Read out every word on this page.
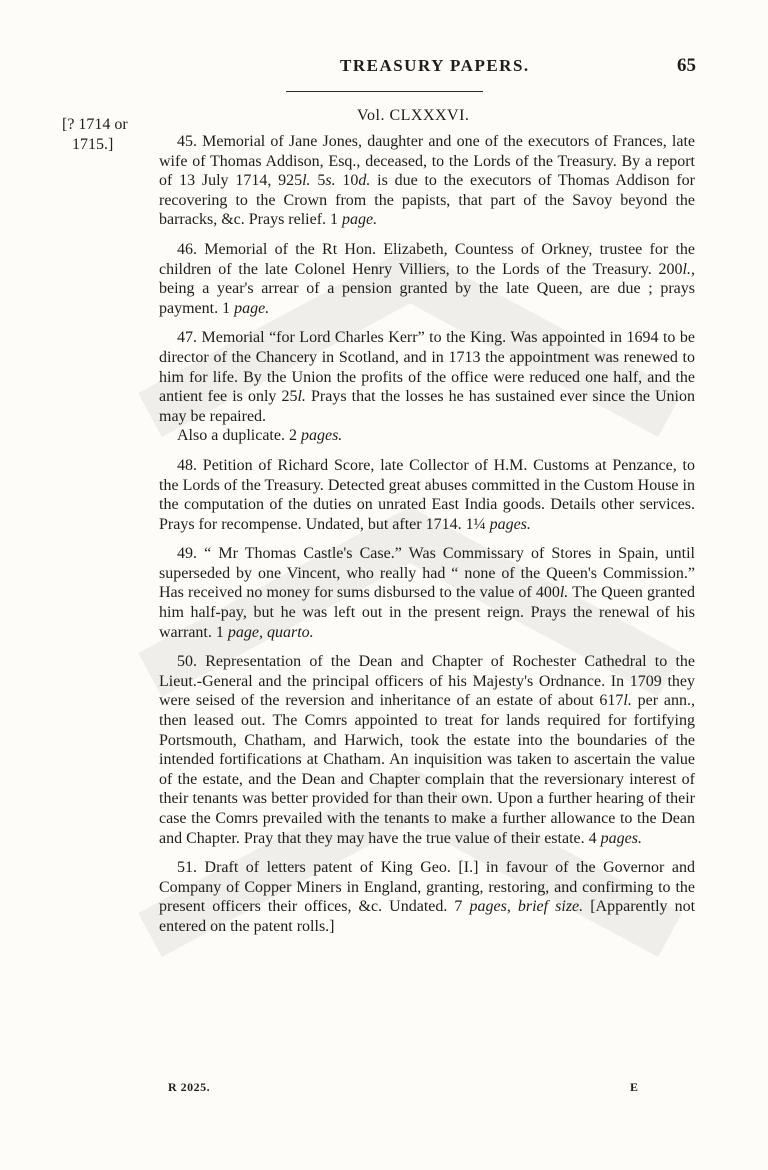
TREASURY PAPERS.	65
[? 1714 or
1715.]
Vol. CLXXXVI.

45. Memorial of Jane Jones, daughter and one of the executors of Frances, late wife of Thomas Addison, Esq., deceased, to the Lords of the Treasury. By a report of 13 July 1714, 925l. 5s. 10d. is due to the executors of Thomas Addison for recovering to the Crown from the papists, that part of the Savoy beyond the barracks, &c. Prays relief. 1 page.

46. Memorial of the Rt Hon. Elizabeth, Countess of Orkney, trustee for the children of the late Colonel Henry Villiers, to the Lords of the Treasury. 200l., being a year's arrear of a pension granted by the late Queen, are due ; prays payment. 1 page.

47. Memorial “for Lord Charles Kerr” to the King. Was appointed in 1694 to be director of the Chancery in Scotland, and in 1713 the appointment was renewed to him for life. By the Union the profits of the office were reduced one half, and the antient fee is only 25l. Prays that the losses he has sustained ever since the Union may be repaired.

Also a duplicate. 2 pages.

48. Petition of Richard Score, late Collector of H.M. Customs at Penzance, to the Lords of the Treasury. Detected great abuses committed in the Custom House in the computation of the duties on unrated East India goods. Details other services. Prays for recompense. Undated, but after 1714. 1¼ pages.

49. “ Mr Thomas Castle's Case.” Was Commissary of Stores in Spain, until superseded by one Vincent, who really had “ none of the Queen's Commission.” Has received no money for sums disbursed to the value of 400l. The Queen granted him half-pay, but he was left out in the present reign. Prays the renewal of his warrant. 1 page, quarto.

50. Representation of the Dean and Chapter of Rochester Cathedral to the Lieut.-General and the principal officers of his Majesty's Ordnance. In 1709 they were seised of the reversion and inheritance of an estate of about 617l. per ann., then leased out. The Comrs appointed to treat for lands required for fortifying Portsmouth, Chatham, and Harwich, took the estate into the boundaries of the intended fortifications at Chatham. An inquisition was taken to ascertain the value of the estate, and the Dean and Chapter complain that the reversionary interest of their tenants was better provided for than their own. Upon a further hearing of their case the Comrs prevailed with the tenants to make a further allowance to the Dean and Chapter. Pray that they may have the true value of their estate. 4 pages.

51. Draft of letters patent of King Geo. [I.] in favour of the Governor and Company of Copper Miners in England, granting, restoring, and confirming to the present officers their offices, &c. Undated. 7 pages, brief size. [Apparently not entered on the patent rolls.]

R 2025.	E
